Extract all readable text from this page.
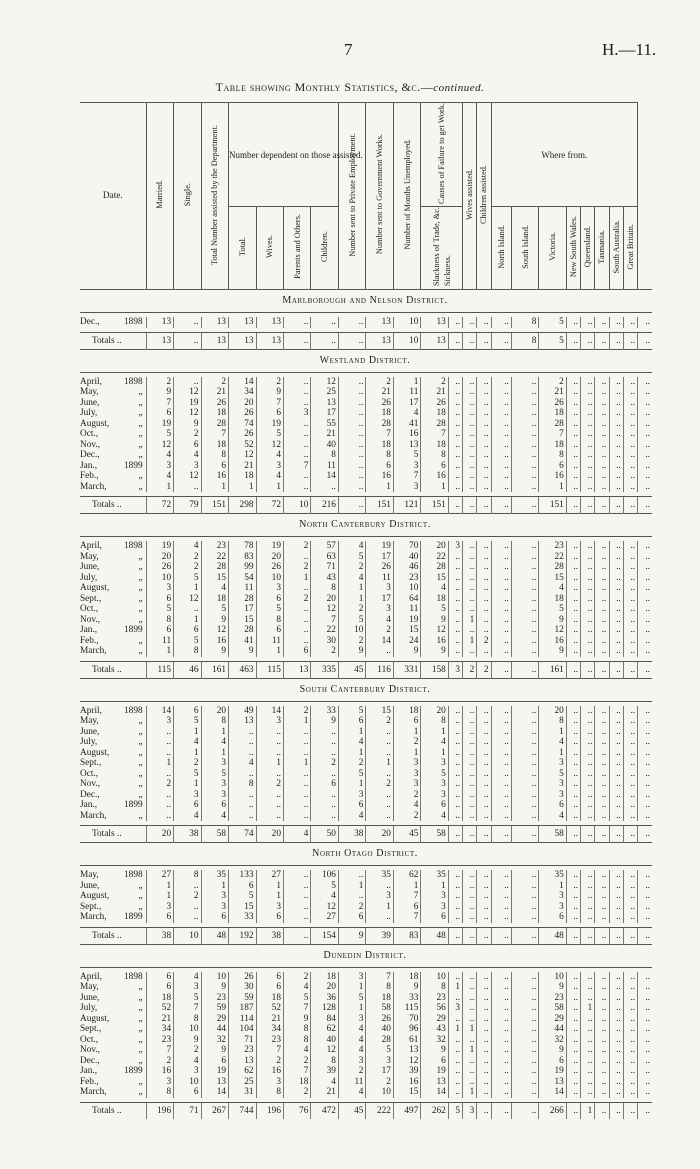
7	H.—11.
Table showing Monthly Statistics, &c.—continued.
Date.		Married.	Single.	Total Number assisted by the Department.	Number dependent on those assisted.				Number sent to Private Employment.	Number sent to Government Works.	Number of Months Unemployed.	Causes of Failure to get Work.		Wives assisted.	Children assisted.	Where from.								
					Total.	Wives.	Parents and Others.	Children.				Slackness of Trade, &c. Sickness.				North Island.	South Island.	Victoria.	New South Wales.	Queensland.	Tasmania.	South Australia.	Great Britain.	
Marlborough and Nelson District.																								

Dec.,	1898	13	..	13	13	13	..	..	..	13	10	13	..	..	..	..	8	5	..	..	..	..	..	..

Totals ..		13	..	13	13	13	..	..	..	13	10	13	..	..	..	..	8	5	..	..	..	..	..	..
Westland District.																								

April,	1898	2	..	2	14	2	..	12	..	2	1	2	..	..	..	..	..	2	..	..	..	..	..	..
May,	„	9	12	21	34	9	..	25	..	21	11	21	..	..	..	..	..	21	..	..	..	..	..	..
June,	„	7	19	26	20	7	..	13	..	26	17	26	..	..	..	..	..	26	..	..	..	..	..	..
July,	„	6	12	18	26	6	3	17	..	18	4	18	..	..	..	..	..	18	..	..	..	..	..	..
August,	„	19	9	28	74	19	..	55	..	28	41	28	..	..	..	..	..	28	..	..	..	..	..	..
Oct.,	„	5	2	7	26	5	..	21	..	7	16	7	..	..	..	..	..	7	..	..	..	..	..	..
Nov.,	„	12	6	18	52	12	..	40	..	18	13	18	..	..	..	..	..	18	..	..	..	..	..	..
Dec.,	„	4	4	8	12	4	..	8	..	8	5	8	..	..	..	..	..	8	..	..	..	..	..	..
Jan.,	1899	3	3	6	21	3	7	11	..	6	3	6	..	..	..	..	..	6	..	..	..	..	..	..
Feb.,	„	4	12	16	18	4	..	14	..	16	7	16	..	..	..	..	..	16	..	..	..	..	..	..
March,	„	1	..	1	1	1	..	..	..	1	3	1	..	..	..	..	..	1	..	..	..	..	..	..

Totals ..		72	79	151	298	72	10	216	..	151	121	151	..	..	..	..	..	151	..	..	..	..	..	..
North Canterbury District.																								

April,	1898	19	4	23	78	19	2	57	4	19	70	20	3	..	..	..	..	23	..	..	..	..	..	..
May,	„	20	2	22	83	20	..	63	5	17	40	22	..	..	..	..	..	22	..	..	..	..	..	..
June,	„	26	2	28	99	26	2	71	2	26	46	28	..	..	..	..	..	28	..	..	..	..	..	..
July,	„	10	5	15	54	10	1	43	4	11	23	15	..	..	..	..	..	15	..	..	..	..	..	..
August,	„	3	1	4	11	3	..	8	1	3	10	4	..	..	..	..	..	4	..	..	..	..	..	..
Sept.,	„	6	12	18	28	6	2	20	1	17	64	18	..	..	..	..	..	18	..	..	..	..	..	..
Oct.,	„	5	..	5	17	5	..	12	2	3	11	5	..	..	..	..	..	5	..	..	..	..	..	..
Nov.,	„	8	1	9	15	8	..	7	5	4	19	9	..	1	..	..	..	9	..	..	..	..	..	..
Jan.,	1899	6	6	12	28	6	..	22	10	2	15	12	..	..	..	..	..	12	..	..	..	..	..	..
Feb.,	„	11	5	16	41	11	..	30	2	14	24	16	..	1	2	..	..	16	..	..	..	..	..	..
March,	„	1	8	9	9	1	6	2	9	..	9	9	..	..	..	..	..	9	..	..	..	..	..	..

Totals ..		115	46	161	463	115	13	335	45	116	331	158	3	2	2	..	..	161	..	..	..	..	..	..
South Canterbury District.																								

April,	1898	14	6	20	49	14	2	33	5	15	18	20	..	..	..	..	..	20	..	..	..	..	..	..
May,	„	3	5	8	13	3	1	9	6	2	6	8	..	..	..	..	..	8	..	..	..	..	..	..
June,	„	..	1	1	..	..	..	..	1	..	1	1	..	..	..	..	..	1	..	..	..	..	..	..
July,	„	..	4	4	..	..	..	..	4	..	2	4	..	..	..	..	..	4	..	..	..	..	..	..
August,	„	..	1	1	..	..	..	..	1	..	1	1	..	..	..	..	..	1	..	..	..	..	..	..
Sept.,	„	1	2	3	4	1	1	2	2	1	3	3	..	..	..	..	..	3	..	..	..	..	..	..
Oct.,	„	..	5	5	..	..	..	..	5	..	3	5	..	..	..	..	..	5	..	..	..	..	..	..
Nov.,	„	2	1	3	8	2	..	6	1	2	3	3	..	..	..	..	..	3	..	..	..	..	..	..
Dec.,	„	..	3	3	..	..	..	..	3	..	2	3	..	..	..	..	..	3	..	..	..	..	..	..
Jan.,	1899	..	6	6	..	..	..	..	6	..	4	6	..	..	..	..	..	6	..	..	..	..	..	..
March,	„	..	4	4	..	..	..	..	4	..	2	4	..	..	..	..	..	4	..	..	..	..	..	..

Totals ..		20	38	58	74	20	4	50	38	20	45	58	..	..	..	..	..	58	..	..	..	..	..	..
North Otago District.																								

May,	1898	27	8	35	133	27	..	106	..	35	62	35	..	..	..	..	..	35	..	..	..	..	..	..
June,	„	1	..	1	6	1	..	5	1	..	1	1	..	..	..	..	..	1	..	..	..	..	..	..
August,	„	1	2	3	5	1	..	4	..	3	7	3	..	..	..	..	..	3	..	..	..	..	..	..
Sept.,	„	3	..	3	15	3	..	12	2	1	6	3	..	..	..	..	..	3	..	..	..	..	..	..
March,	1899	6	..	6	33	6	..	27	6	..	7	6	..	..	..	..	..	6	..	..	..	..	..	..

Totals ..		38	10	48	192	38	..	154	9	39	83	48	..	..	..	..	..	48	..	..	..	..	..	..
Dunedin District.																								

April,	1898	6	4	10	26	6	2	18	3	7	18	10	..	..	..	..	..	10	..	..	..	..	..	..
May,	„	6	3	9	30	6	4	20	1	8	9	8	1	..	..	..	..	9	..	..	..	..	..	..
June,	„	18	5	23	59	18	5	36	5	18	33	23	..	..	..	..	..	23	..	..	..	..	..	..
July,	„	52	7	59	187	52	7	128	1	58	115	56	3	..	..	..	..	58	..	1	..	..	..	..
August,	„	21	8	29	114	21	9	84	3	26	70	29	..	..	..	..	..	29	..	..	..	..	..	..
Sept.,	„	34	10	44	104	34	8	62	4	40	96	43	1	1	..	..	..	44	..	..	..	..	..	..
Oct.,	„	23	9	32	71	23	8	40	4	28	61	32	..	..	..	..	..	32	..	..	..	..	..	..
Nov.,	„	7	2	9	23	7	4	12	4	5	13	9	..	1	..	..	..	9	..	..	..	..	..	..
Dec.,	„	2	4	6	13	2	2	8	3	3	12	6	..	..	..	..	..	6	..	..	..	..	..	..
Jan.,	1899	16	3	19	62	16	7	39	2	17	39	19	..	..	..	..	..	19	..	..	..	..	..	..
Feb.,	„	3	10	13	25	3	18	4	11	2	16	13	..	..	..	..	..	13	..	..	..	..	..	..
March,	„	8	6	14	31	8	2	21	4	10	15	14	..	1	..	..	..	14	..	..	..	..	..	..

Totals ..		196	71	267	744	196	76	472	45	222	497	262	5	3	..	..	..	266	..	1	..	..	..	..
